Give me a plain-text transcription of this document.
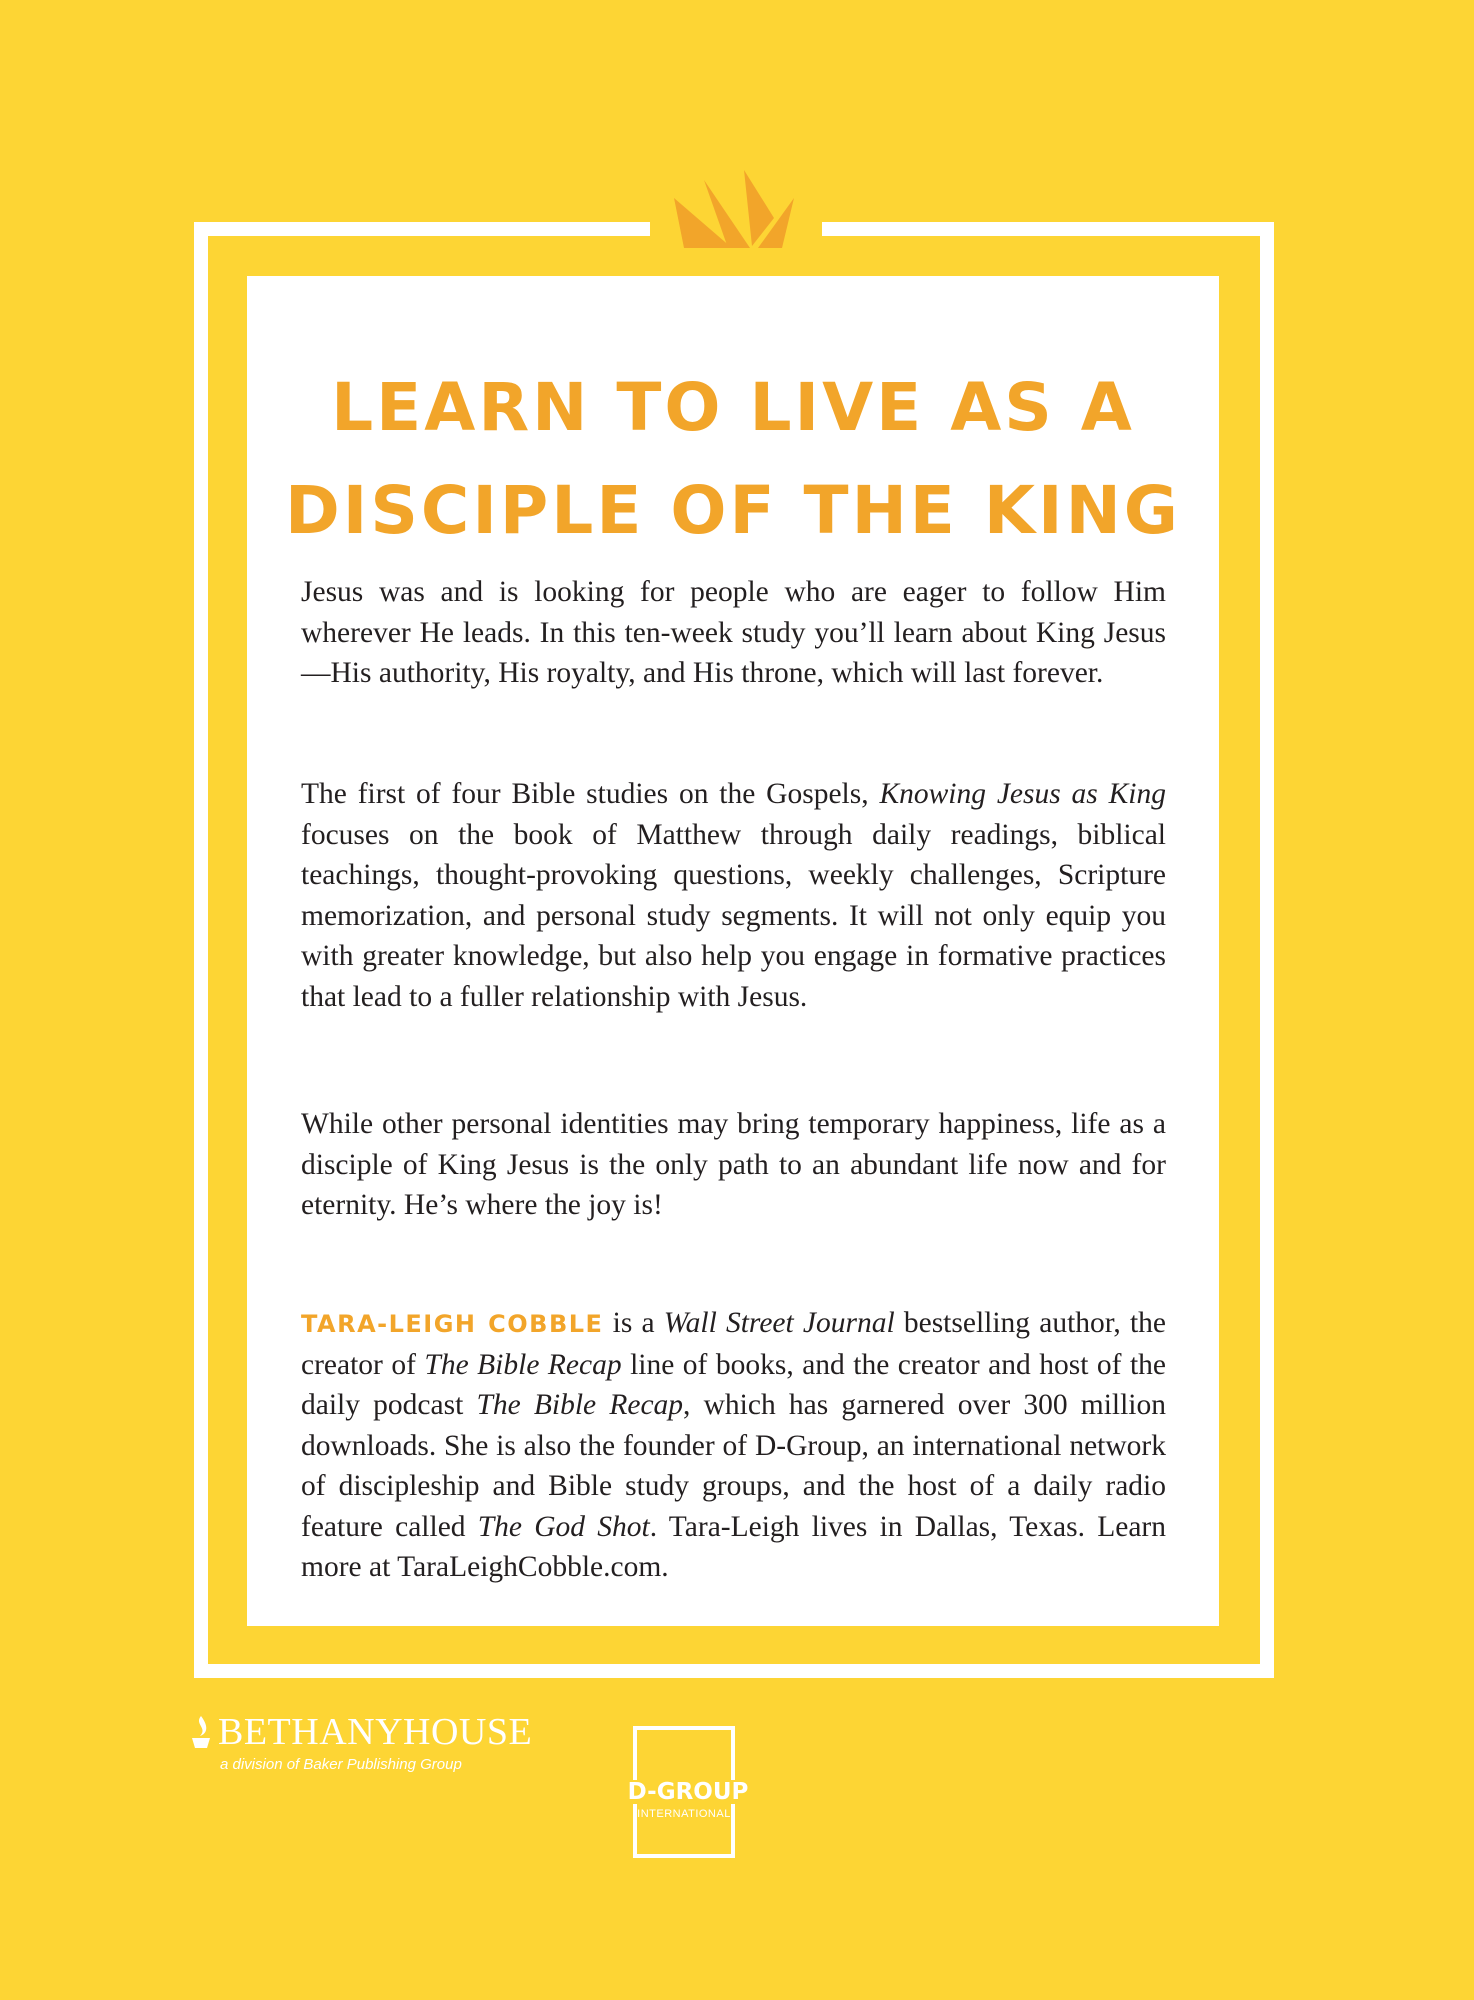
LEARN TO LIVE AS A
DISCIPLE OF THE KING

Jesus was and is looking for people who are eager to follow Him wherever He leads. In this ten-week study you’ll learn about King Jesus—His authority, His royalty, and His throne, which will last forever.

The first of four Bible studies on the Gospels, Knowing Jesus as King focuses on the book of Matthew through daily readings, biblical teachings, thought-provoking questions, weekly challenges, Scripture memorization, and personal study segments. It will not only equip you with greater knowledge, but also help you engage in formative practices that lead to a fuller relationship with Jesus.

While other personal identities may bring temporary happiness, life as a disciple of King Jesus is the only path to an abundant life now and for eternity. He’s where the joy is!

TARA-LEIGH COBBLE is a Wall Street Journal bestselling author, the creator of The Bible Recap line of books, and the creator and host of the daily podcast The Bible Recap, which has garnered over 300 million downloads. She is also the founder of D-Group, an international network of discipleship and Bible study groups, and the host of a daily radio feature called The God Shot. Tara-Leigh lives in Dallas, Texas. Learn more at TaraLeighCobble.com.

BETHANYHOUSE
a division of Baker Publishing Group
D-GROUP
INTERNATIONAL
